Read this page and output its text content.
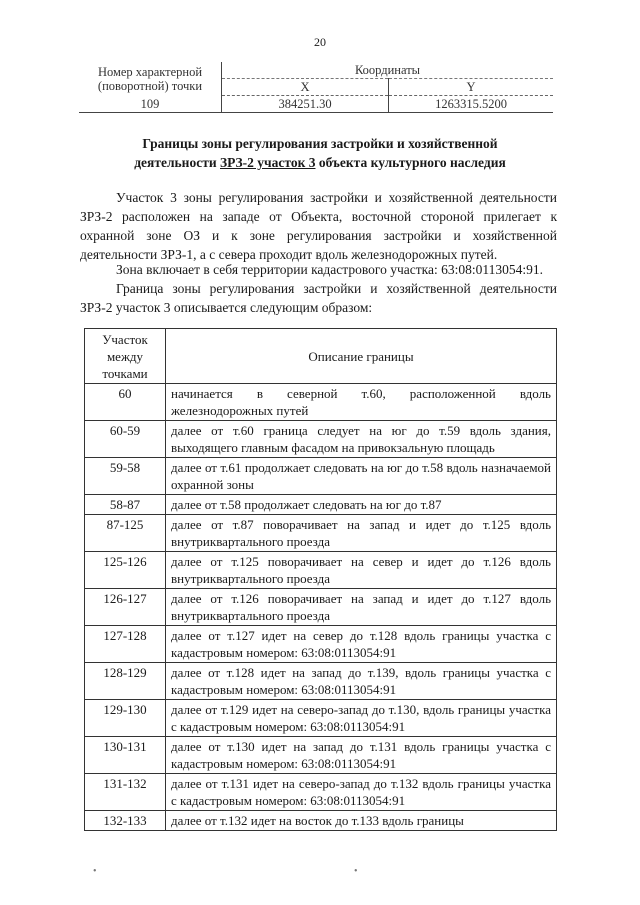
20
Номер характерной
(поворотной) точки	Координаты	
	X	Y
109	384251.30	1263315.5200
Границы зоны регулирования застройки и хозяйственной
деятельности ЗРЗ-2 участок 3 объекта культурного наследия
Участок 3 зоны регулирования застройки и хозяйственной деятельности ЗРЗ-2 расположен на западе от Объекта, восточной стороной прилегает к охранной зоне ОЗ и к зоне регулирования застройки и хозяйственной деятельности ЗРЗ-1, а с севера проходит вдоль железнодорожных путей.
Зона включает в себя территории кадастрового участка: 63:08:0113054:91.
Граница зоны регулирования застройки и хозяйственной деятельности ЗРЗ-2 участок 3 описывается следующим образом:
Участок между точками	Описание границы
60	начинается в северной т.60, расположенной вдоль железнодорожных путей
60-59	далее от т.60 граница следует на юг до т.59 вдоль здания, выходящего главным фасадом на привокзальную площадь
59-58	далее от т.61 продолжает следовать на юг до т.58 вдоль назначаемой охранной зоны
58-87	далее от т.58 продолжает следовать на юг до т.87
87-125	далее от т.87 поворачивает на запад и идет до т.125 вдоль внутриквартального проезда
125-126	далее от т.125 поворачивает на север и идет до т.126 вдоль внутриквартального проезда
126-127	далее от т.126 поворачивает на запад и идет до т.127 вдоль внутриквартального проезда
127-128	далее от т.127 идет на север до т.128 вдоль границы участка с кадастровым номером: 63:08:0113054:91
128-129	далее от т.128 идет на запад до т.139, вдоль границы участка с кадастровым номером: 63:08:0113054:91
129-130	далее от т.129 идет на северо-запад до т.130, вдоль границы участка с кадастровым номером: 63:08:0113054:91
130-131	далее от т.130 идет на запад до т.131 вдоль границы участка с кадастровым номером: 63:08:0113054:91
131-132	далее от т.131 идет на северо-запад до т.132 вдоль границы участка с кадастровым номером: 63:08:0113054:91
132-133	далее от т.132 идет на восток до т.133 вдоль границы
•	•
